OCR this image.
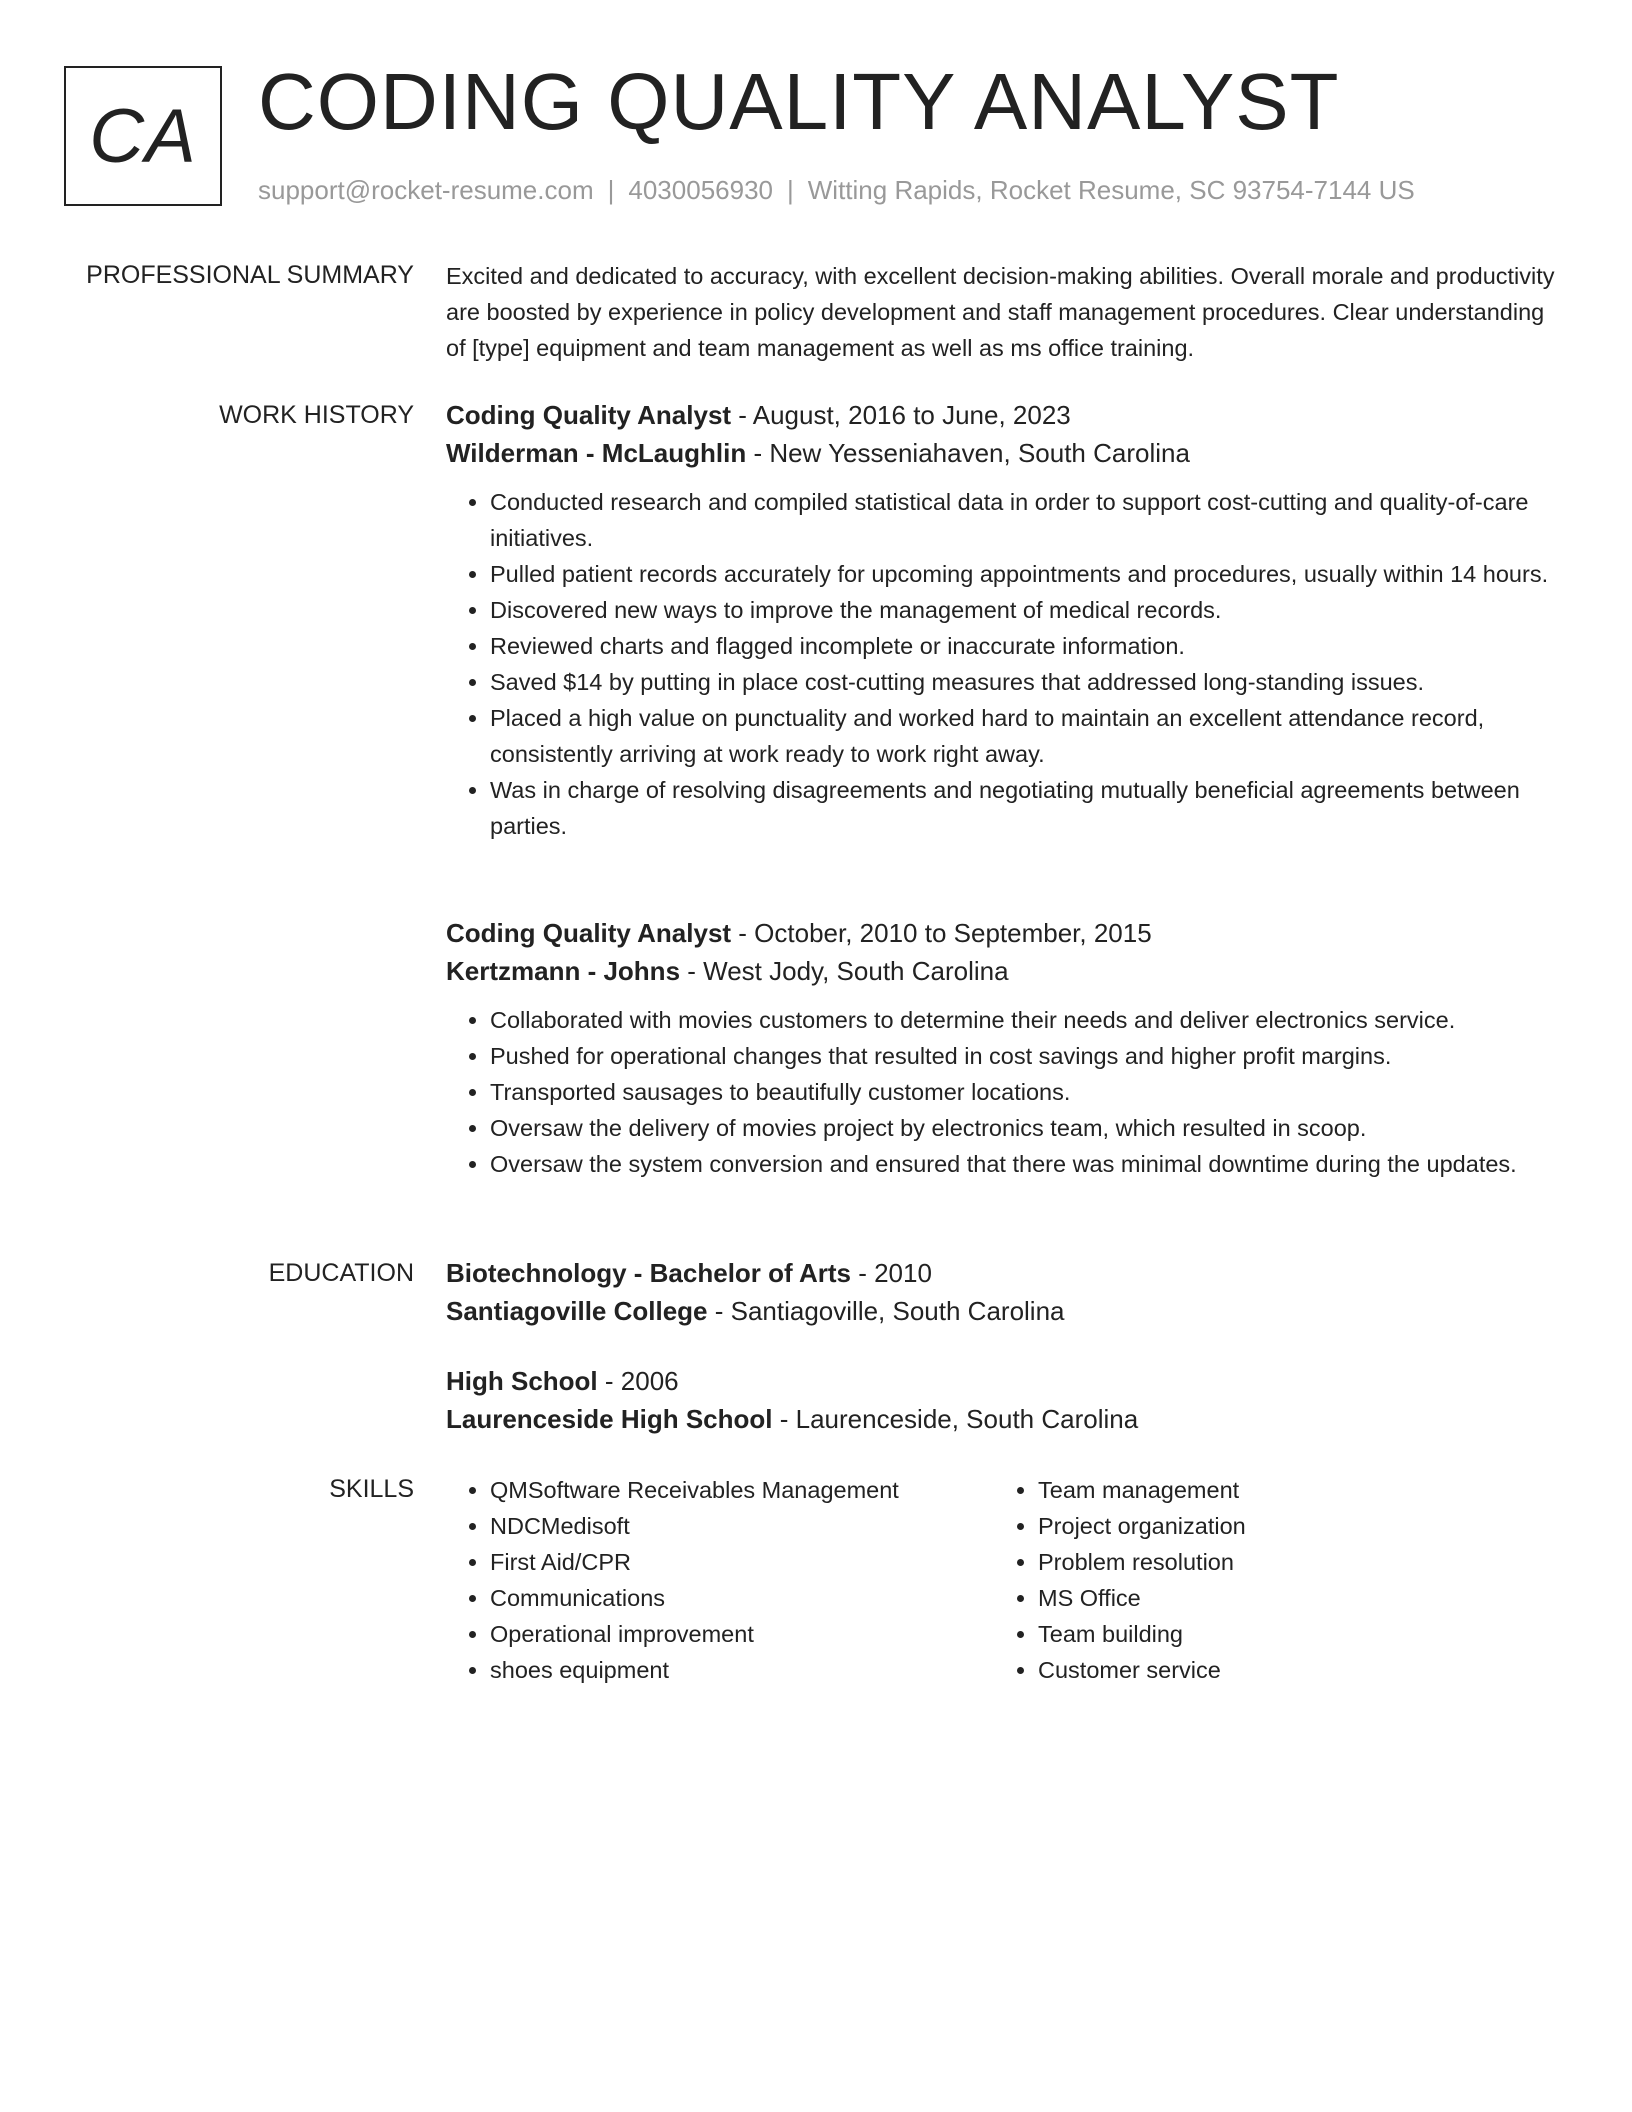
CA CODING QUALITY ANALYST
support@rocket-resume.com | 4030056930 | Witting Rapids, Rocket Resume, SC 93754-7144 US
PROFESSIONAL SUMMARY Excited and dedicated to accuracy, with excellent decision-making abilities. Overall morale and productivity are boosted by experience in policy development and staff management procedures. Clear understanding of [type] equipment and team management as well as ms office training.

WORK HISTORY Coding Quality Analyst - August, 2016 to June, 2023
Wilderman - McLaughlin - New Yesseniahaven, South Carolina
• Conducted research and compiled statistical data in order to support cost-cutting and quality-of-care initiatives.
• Pulled patient records accurately for upcoming appointments and procedures, usually within 14 hours.
• Discovered new ways to improve the management of medical records.
• Reviewed charts and flagged incomplete or inaccurate information.
• Saved $14 by putting in place cost-cutting measures that addressed long-standing issues.
• Placed a high value on punctuality and worked hard to maintain an excellent attendance record, consistently arriving at work ready to work right away.
• Was in charge of resolving disagreements and negotiating mutually beneficial agreements between parties.
Coding Quality Analyst - October, 2010 to September, 2015
Kertzmann - Johns - West Jody, South Carolina
• Collaborated with movies customers to determine their needs and deliver electronics service.
• Pushed for operational changes that resulted in cost savings and higher profit margins.
• Transported sausages to beautifully customer locations.
• Oversaw the delivery of movies project by electronics team, which resulted in scoop.
• Oversaw the system conversion and ensured that there was minimal downtime during the updates.
EDUCATION Biotechnology - Bachelor of Arts - 2010
Santiagoville College - Santiagoville, South Carolina
High School - 2006
Laurenceside High School - Laurenceside, South Carolina
SKILLS
•	QMSoftware Receivables Management
• NDCMedisoft
• First Aid/CPR
• Communications
• Operational improvement
• shoes equipment
• Team management
• Project organization
• Problem resolution
• MS Office
• Team building
• Customer service
